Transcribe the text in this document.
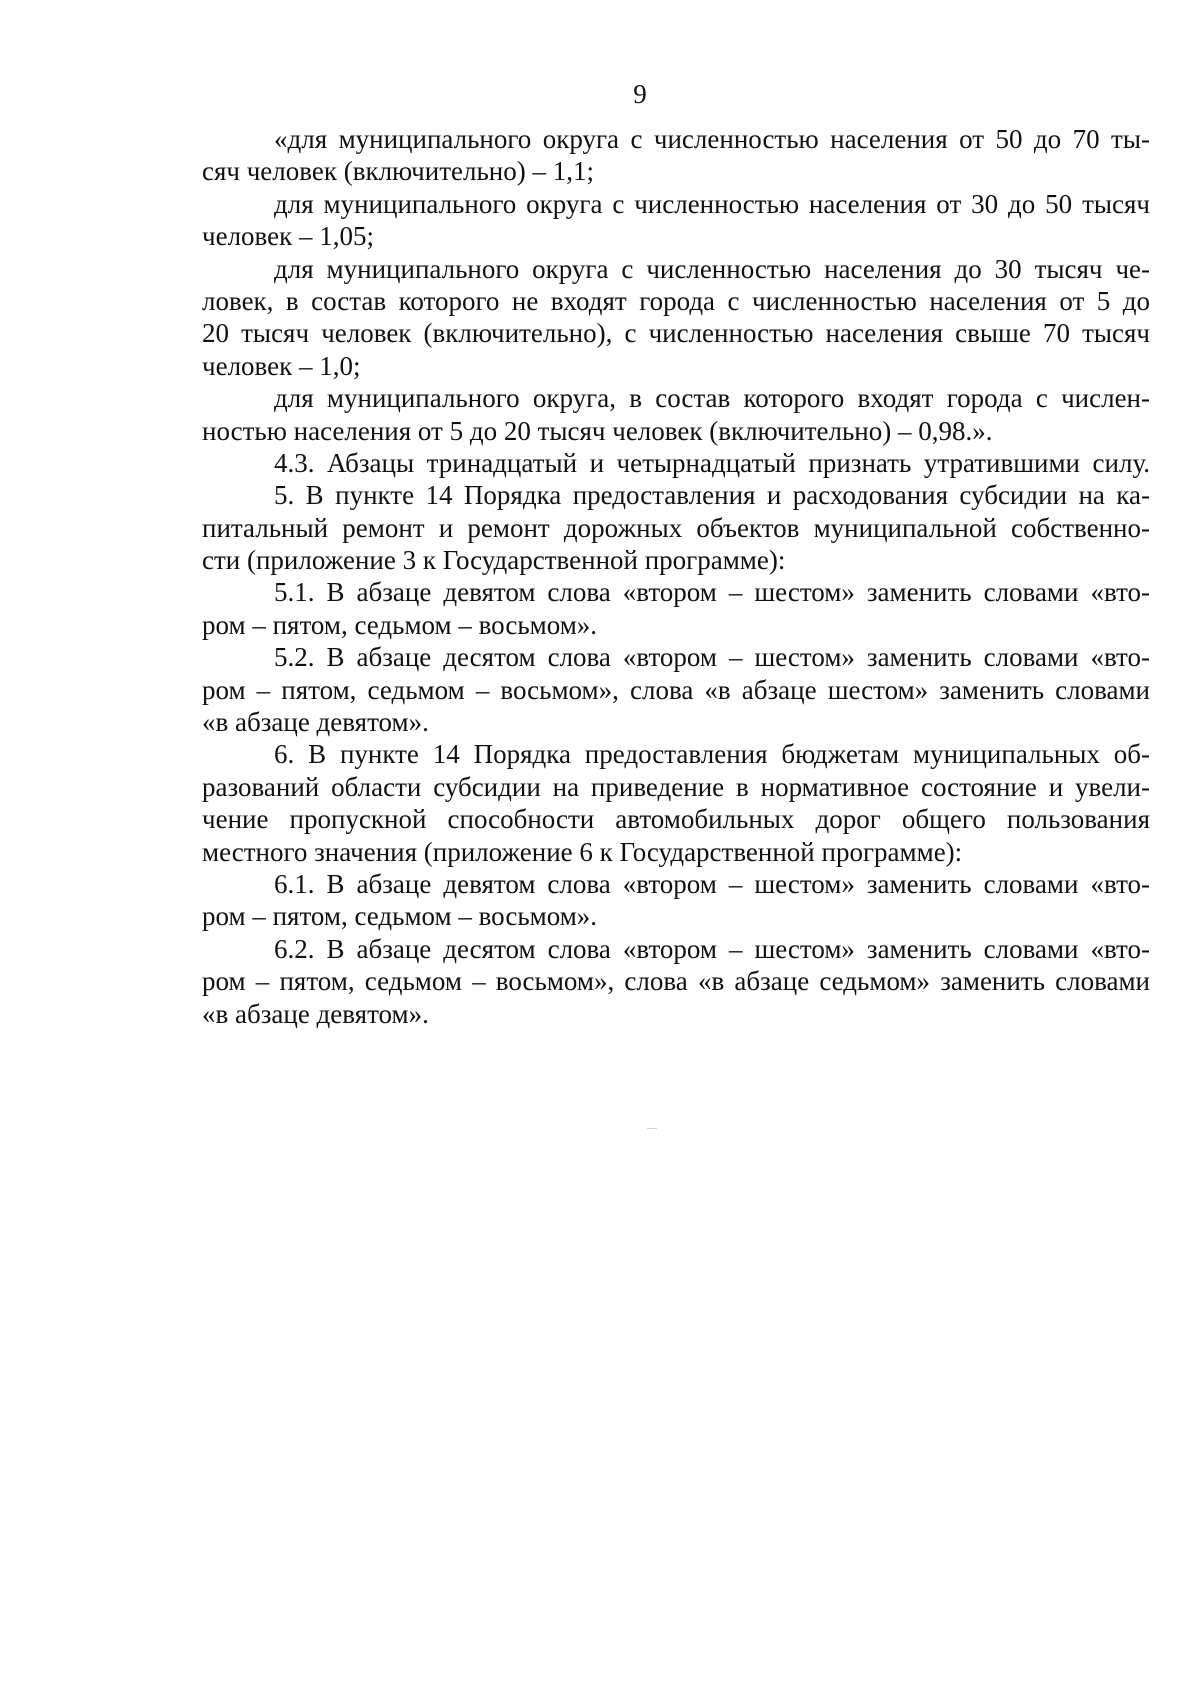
9
«для муниципального округа с численностью населения от 50 до 70 ты-
сяч человек (включительно) – 1,1;
для муниципального округа с численностью населения от 30 до 50 тысяч
человек – 1,05;
для муниципального округа с численностью населения до 30 тысяч че-
ловек, в состав которого не входят города с численностью населения от 5 до
20 тысяч человек (включительно), с численностью населения свыше 70 тысяч
человек – 1,0;
для муниципального округа, в состав которого входят города с числен-
ностью населения от 5 до 20 тысяч человек (включительно) – 0,98.».
4.3. Абзацы тринадцатый и четырнадцатый признать утратившими силу.
5. В пункте 14 Порядка предоставления и расходования субсидии на ка-
питальный ремонт и ремонт дорожных объектов муниципальной собственно-
сти (приложение 3 к Государственной программе):
5.1. В абзаце девятом слова «втором – шестом» заменить словами «вто-
ром – пятом, седьмом – восьмом».
5.2. В абзаце десятом слова «втором – шестом» заменить словами «вто-
ром – пятом, седьмом – восьмом», слова «в абзаце шестом» заменить словами
«в абзаце девятом».
6. В пункте 14 Порядка предоставления бюджетам муниципальных об-
разований области субсидии на приведение в нормативное состояние и увели-
чение пропускной способности автомобильных дорог общего пользования
местного значения (приложение 6 к Государственной программе):
6.1. В абзаце девятом слова «втором – шестом» заменить словами «вто-
ром – пятом, седьмом – восьмом».
6.2. В абзаце десятом слова «втором – шестом» заменить словами «вто-
ром – пятом, седьмом – восьмом», слова «в абзаце седьмом» заменить словами
«в абзаце девятом».
